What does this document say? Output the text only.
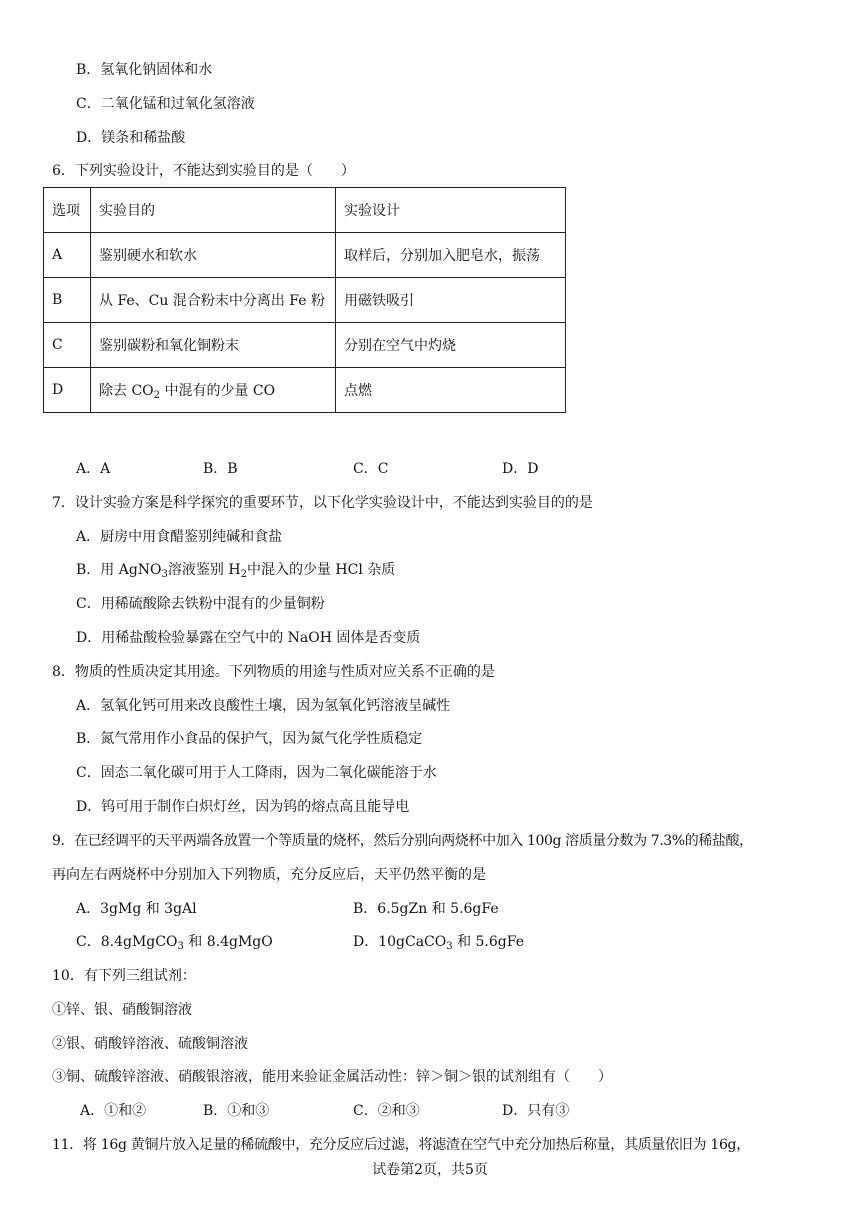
B．氢氧化钠固体和水
C．二氧化锰和过氧化氢溶液
D．镁条和稀盐酸
6．下列实验设计，不能达到实验目的是（　　）
选项	实验目的	实验设计
A	鉴别硬水和软水	取样后，分别加入肥皂水，振荡
B	从 Fe、Cu 混合粉末中分离出 Fe 粉	用磁铁吸引
C	鉴别碳粉和氧化铜粉末	分别在空气中灼烧
D	除去 $CO_2$ 中混有的少量 CO	点燃
A．A	B．B	C．C	D．D
7．设计实验方案是科学探究的重要环节，以下化学实验设计中，不能达到实验目的的是
A．厨房中用食醋鉴别纯碱和食盐
B．用 AgNO$_3$溶液鉴别 $H_2$中混入的少量 HCl 杂质
C．用稀硫酸除去铁粉中混有的少量铜粉
D．用稀盐酸检验暴露在空气中的 NaOH 固体是否变质
8．物质的性质决定其用途。下列物质的用途与性质对应关系不正确的是
A．氢氧化钙可用来改良酸性土壤，因为氢氧化钙溶液呈碱性
B．氮气常用作小食品的保护气，因为氮气化学性质稳定
C．固态二氧化碳可用于人工降雨，因为二氧化碳能溶于水
D．钨可用于制作白炽灯丝，因为钨的熔点高且能导电
9．在已经调平的天平两端各放置一个等质量的烧杯，然后分别向两烧杯中加入 100g 溶质量分数为 7.3%的稀盐酸，
再向左右两烧杯中分别加入下列物质，充分反应后，天平仍然平衡的是
A．3gMg 和 3gAl	B．6.5gZn 和 5.6gFe
C．8.4gMgCO$_3$ 和 8.4gMgO	D．10gCaCO$_3$ 和 5.6gFe
10．有下列三组试剂：
①锌、银、硝酸铜溶液
②银、硝酸锌溶液、硫酸铜溶液
③铜、硫酸锌溶液、硝酸银溶液，能用来验证金属活动性：锌＞铜＞银的试剂组有（　　）
A．①和②	B．①和③	C．②和③	D．只有③
11．将 16g 黄铜片放入足量的稀硫酸中，充分反应后过滤，将滤渣在空气中充分加热后称量，其质量依旧为 16g，
试卷第2页，共5页
